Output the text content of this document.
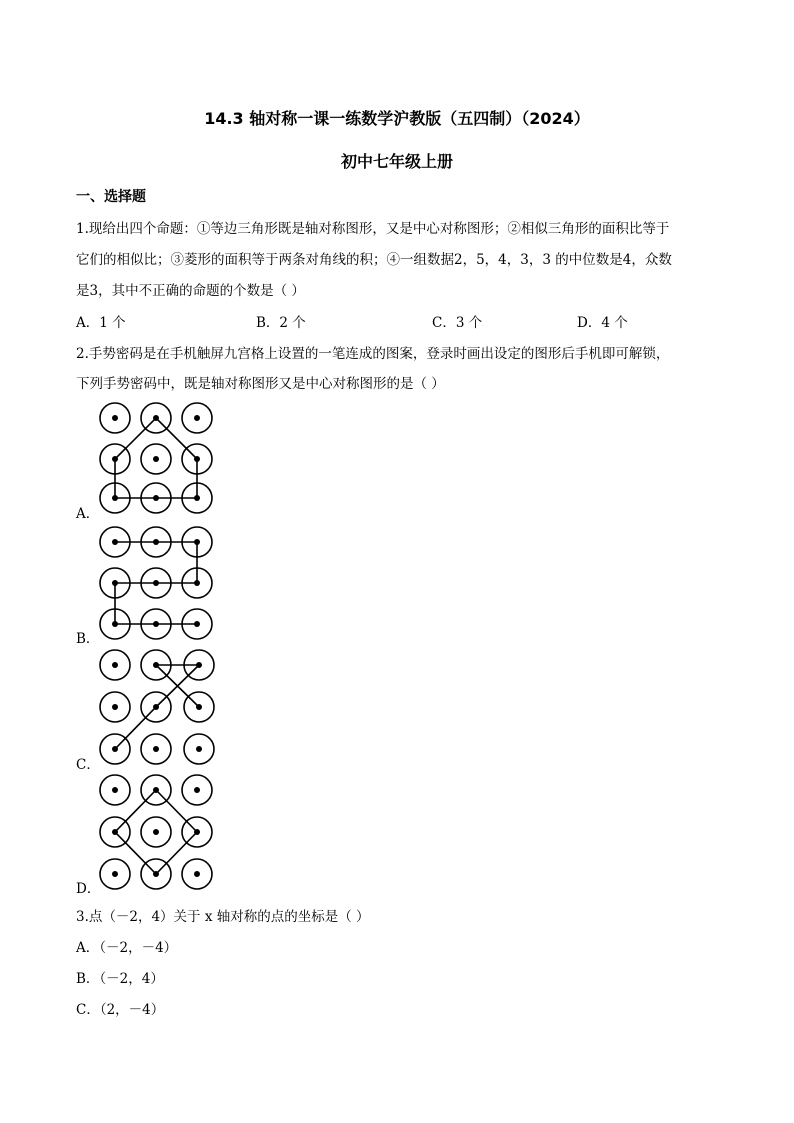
14.3 轴对称一课一练数学沪教版（五四制）（2024）
初中七年级上册
一、选择题
1.现给出四个命题：①等边三角形既是轴对称图形，又是中心对称图形；②相似三角形的面积比等于
它们的相似比；③菱形的面积等于两条对角线的积；④一组数据2，5，4，3，3 的中位数是4，众数
是3，其中不正确的命题的个数是（ ）
A．1 个	B．2 个	C．3 个	D．4 个
2.手势密码是在手机触屏九宫格上设置的一笔连成的图案，登录时画出设定的图形后手机即可解锁，
下列手势密码中，既是轴对称图形又是中心对称图形的是（ ）
A．
B．
C．
D．
3.点（－2，4）关于 x 轴对称的点的坐标是（ ）
A．（－2，－4）
B．（－2，4）
C．（2，－4）
